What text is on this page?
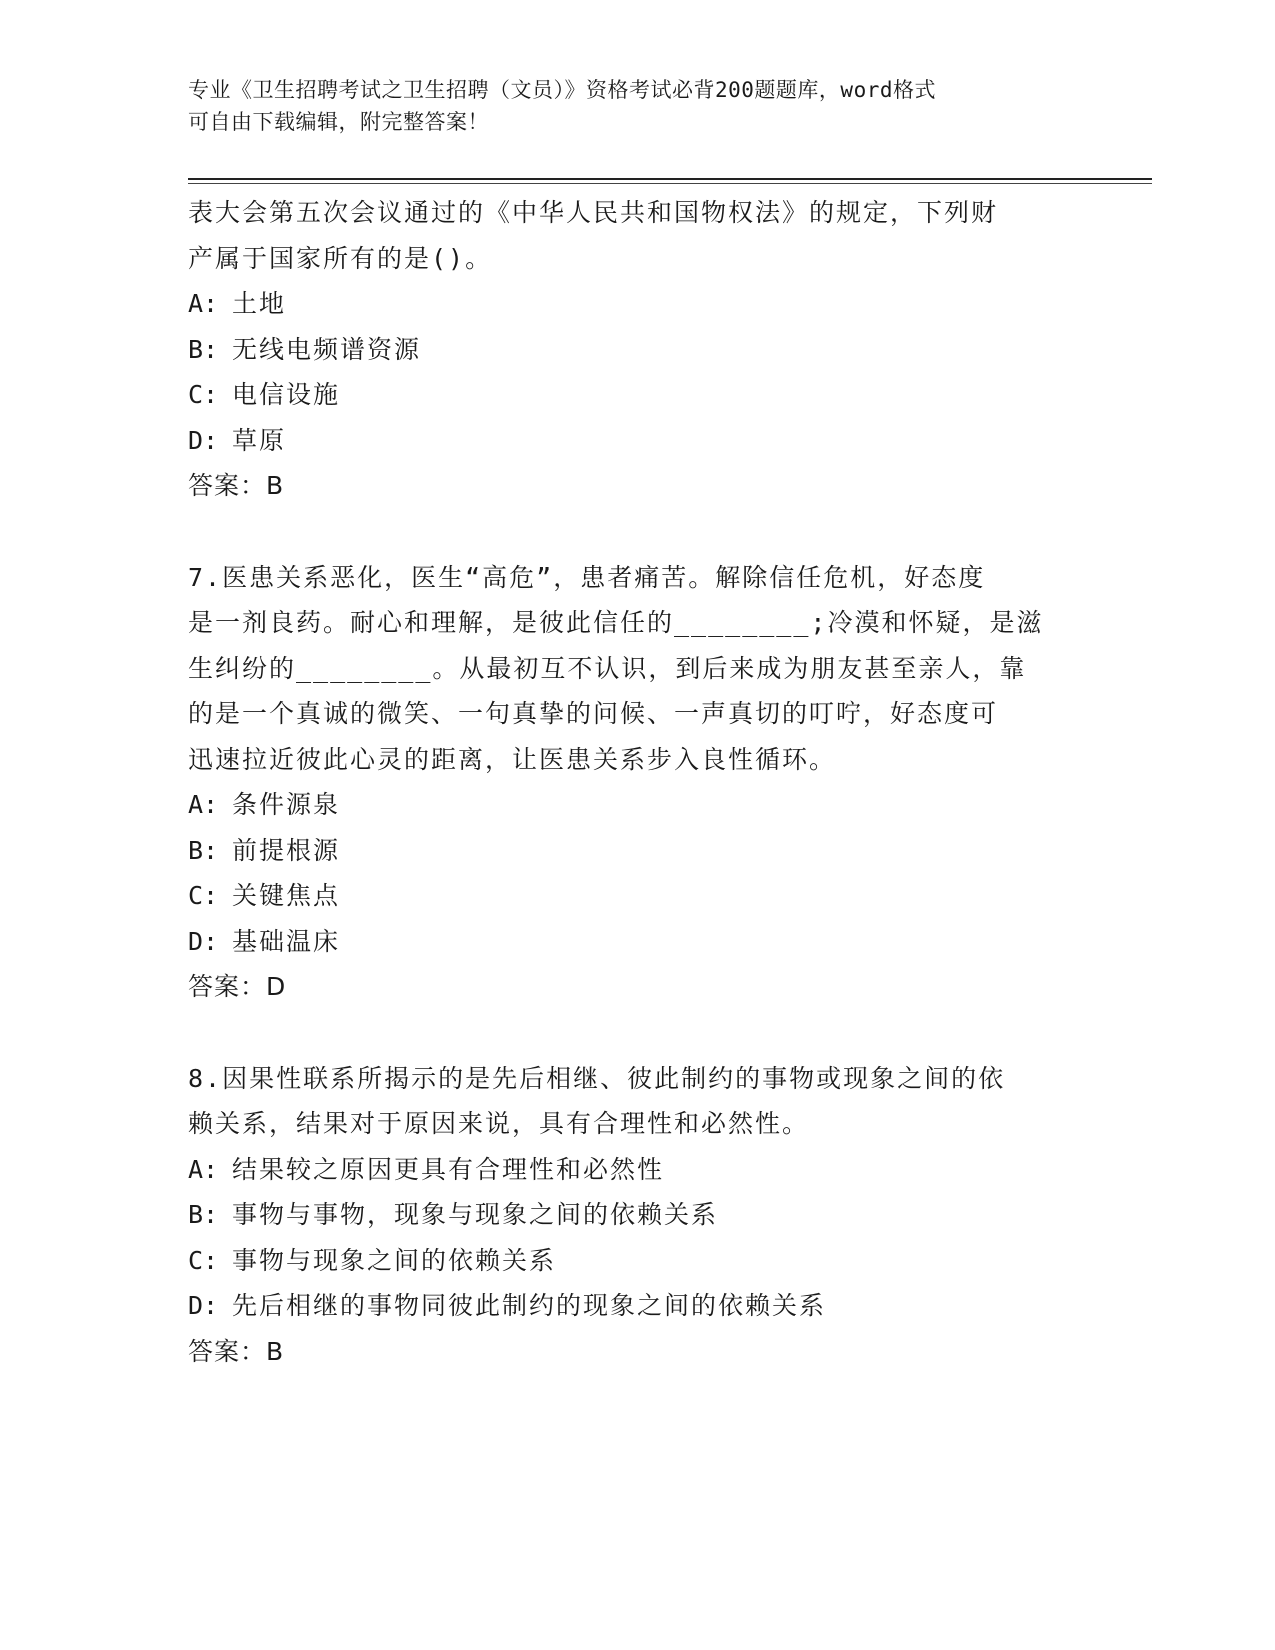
专业《卫生招聘考试之卫生招聘（文员）》资格考试必背200题题库，word格式
可自由下载编辑，附完整答案！
表大会第五次会议通过的《中华人民共和国物权法》的规定，下列财
产属于国家所有的是()。
A: 土地
B: 无线电频谱资源
C: 电信设施
D: 草原
答案：B
7.医患关系恶化，医生“高危”，患者痛苦。解除信任危机，好态度
是一剂良药。耐心和理解，是彼此信任的________;冷漠和怀疑，是滋
生纠纷的________。从最初互不认识，到后来成为朋友甚至亲人，靠
的是一个真诚的微笑、一句真挚的问候、一声真切的叮咛，好态度可
迅速拉近彼此心灵的距离，让医患关系步入良性循环。
A: 条件源泉
B: 前提根源
C: 关键焦点
D: 基础温床
答案：D
8.因果性联系所揭示的是先后相继、彼此制约的事物或现象之间的依
赖关系，结果对于原因来说，具有合理性和必然性。
A: 结果较之原因更具有合理性和必然性
B: 事物与事物，现象与现象之间的依赖关系
C: 事物与现象之间的依赖关系
D: 先后相继的事物同彼此制约的现象之间的依赖关系
答案：B
